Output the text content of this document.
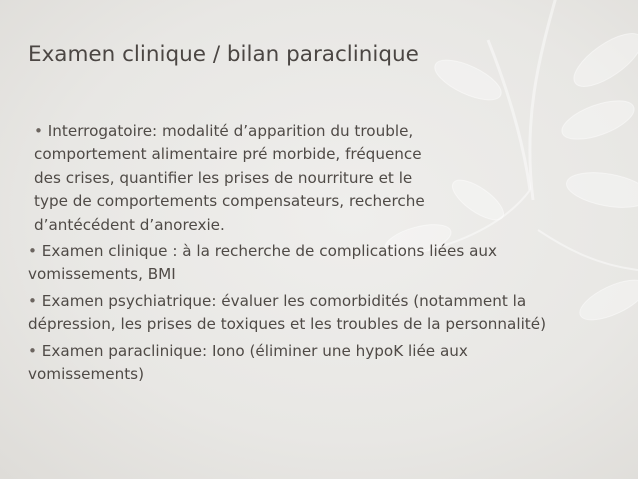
Examen clinique / bilan paraclinique
• Interrogatoire: modalité d’apparition du trouble,
comportement alimentaire pré morbide, fréquence
des crises, quantifier les prises de nourriture et le
type de comportements compensateurs, recherche
d’antécédent d’anorexie.
• Examen clinique : à la recherche de complications liées aux
vomissements, BMI
• Examen psychiatrique: évaluer les comorbidités (notamment la
dépression, les prises de toxiques et les troubles de la personnalité)
• Examen paraclinique: Iono (éliminer une hypoK liée aux
vomissements)
